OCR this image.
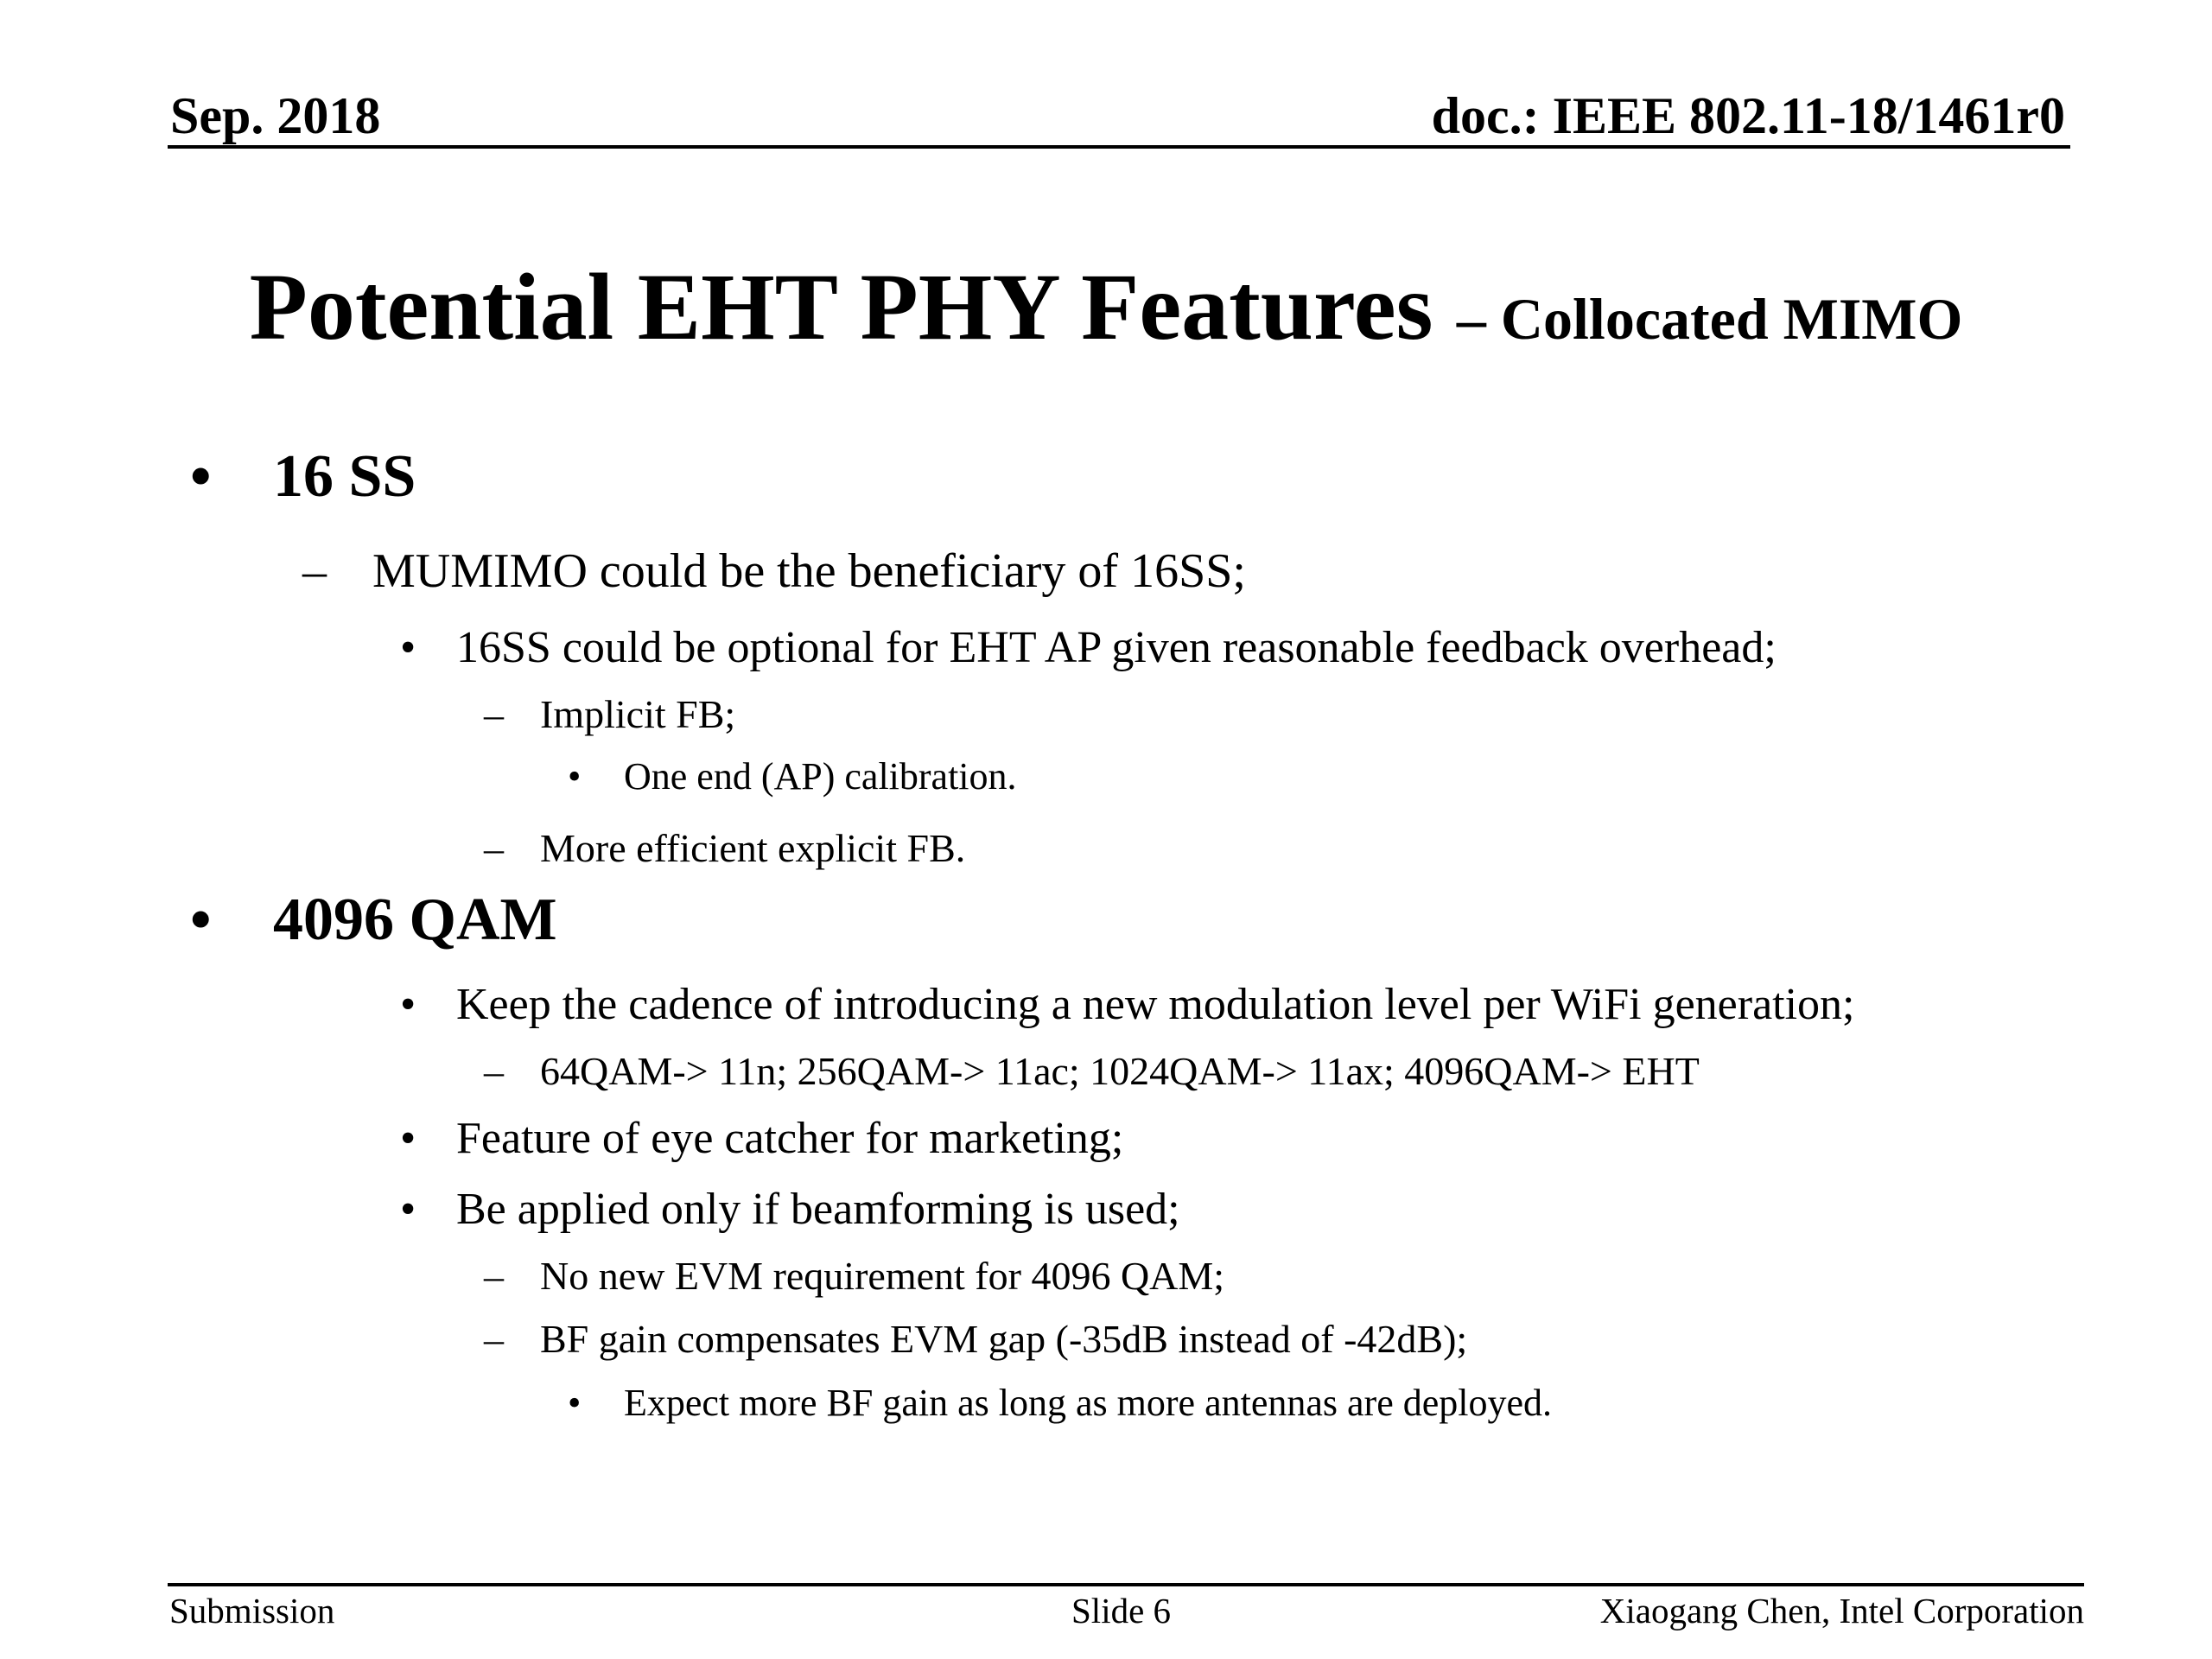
Sep. 2018	doc.: IEEE 802.11-18/1461r0
Potential EHT PHY Features – Collocated MIMO
• 16 SS
– MUMIMO could be the beneficiary of 16SS;
• 16SS could be optional for EHT AP given reasonable feedback overhead;
– Implicit FB;
• One end (AP) calibration.
– More efficient explicit FB.
• 4096 QAM
• Keep the cadence of introducing a new modulation level per WiFi generation;
– 64QAM-> 11n; 256QAM-> 11ac; 1024QAM-> 11ax; 4096QAM-> EHT
• Feature of eye catcher for marketing;
• Be applied only if beamforming is used;
– No new EVM requirement for 4096 QAM;
– BF gain compensates EVM gap (-35dB instead of -42dB);
• Expect more BF gain as long as more antennas are deployed.
Submission	Slide 6	Xiaogang Chen, Intel Corporation
